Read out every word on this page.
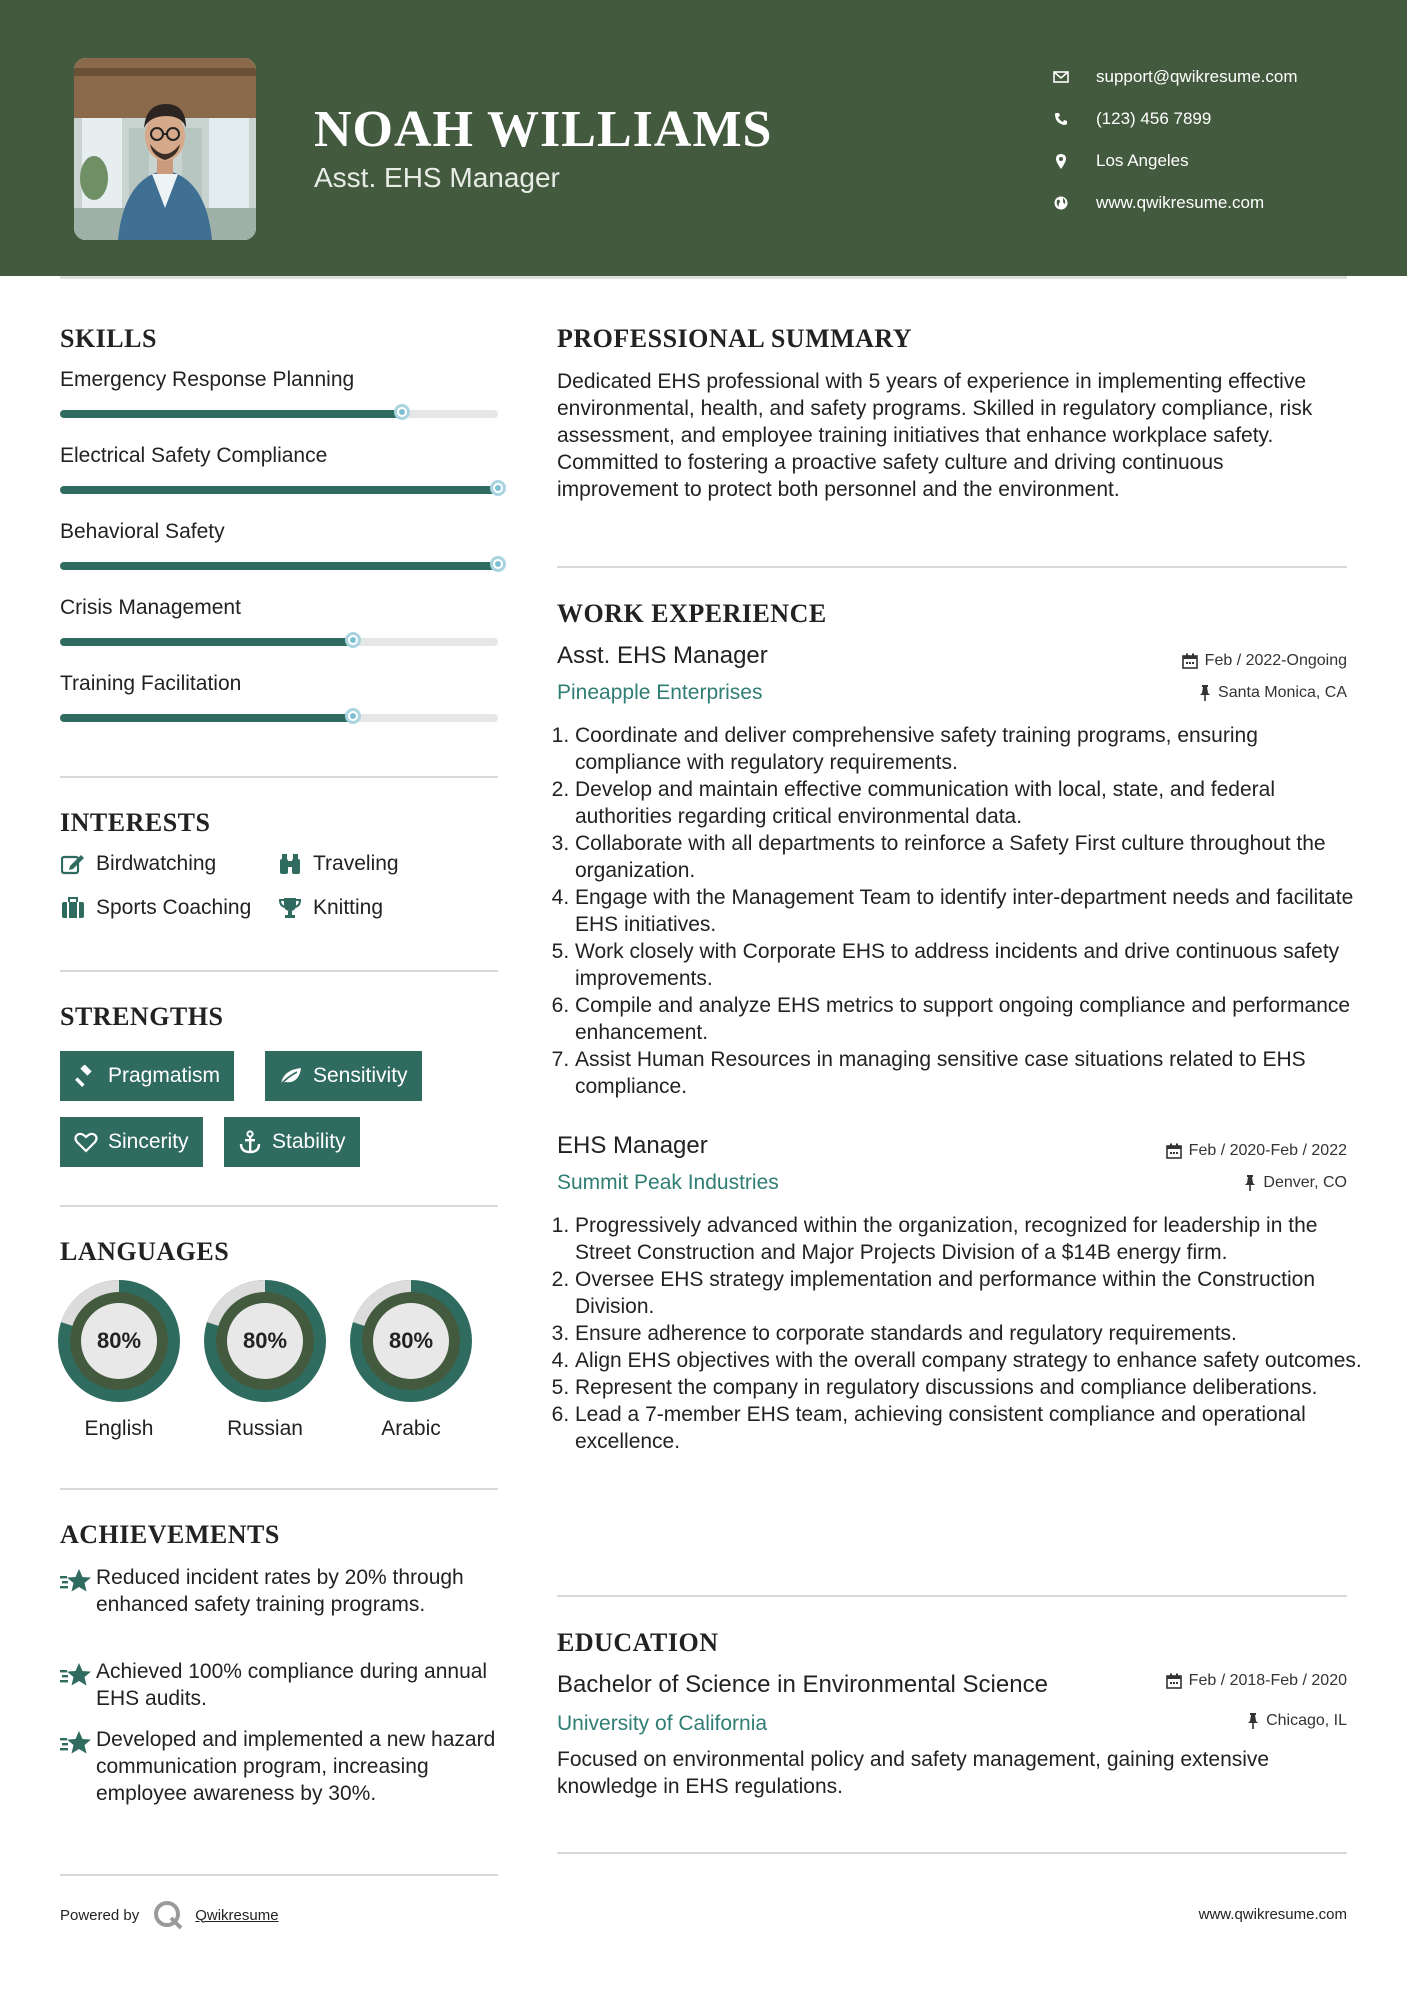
NOAH WILLIAMS
Asst. EHS Manager
support@qwikresume.com
(123) 456 7899
Los Angeles
www.qwikresume.com
SKILLS
Emergency Response Planning
Electrical Safety Compliance
Behavioral Safety
Crisis Management
Training Facilitation
INTERESTS
Birdwatching	Traveling
Sports Coaching	Knitting
STRENGTHS
Pragmatism	Sensitivity
Sincerity	Stability
LANGUAGES
80%
English
80%
Russian
80%
Arabic
ACHIEVEMENTS
Reduced incident rates by 20% through enhanced safety training programs.
Achieved 100% compliance during annual EHS audits.
Developed and implemented a new hazard communication program, increasing employee awareness by 30%.
PROFESSIONAL SUMMARY
Dedicated EHS professional with 5 years of experience in implementing effective environmental, health, and safety programs. Skilled in regulatory compliance, risk assessment, and employee training initiatives that enhance workplace safety. Committed to fostering a proactive safety culture and driving continuous improvement to protect both personnel and the environment.
WORK EXPERIENCE
Asst. EHS Manager	Feb / 2022-Ongoing
Pineapple Enterprises	Santa Monica, CA
1. Coordinate and deliver comprehensive safety training programs, ensuring compliance with regulatory requirements.
2. Develop and maintain effective communication with local, state, and federal authorities regarding critical environmental data.
3. Collaborate with all departments to reinforce a Safety First culture throughout the organization.
4. Engage with the Management Team to identify inter-department needs and facilitate EHS initiatives.
5. Work closely with Corporate EHS to address incidents and drive continuous safety improvements.
6. Compile and analyze EHS metrics to support ongoing compliance and performance enhancement.
7. Assist Human Resources in managing sensitive case situations related to EHS compliance.
EHS Manager	Feb / 2020-Feb / 2022
Summit Peak Industries	Denver, CO
1. Progressively advanced within the organization, recognized for leadership in the Street Construction and Major Projects Division of a $14B energy firm.
2. Oversee EHS strategy implementation and performance within the Construction Division.
3. Ensure adherence to corporate standards and regulatory requirements.
4. Align EHS objectives with the overall company strategy to enhance safety outcomes.
5. Represent the company in regulatory discussions and compliance deliberations.
6. Lead a 7-member EHS team, achieving consistent compliance and operational excellence.
EDUCATION
Bachelor of Science in Environmental Science	Feb / 2018-Feb / 2020
University of California	Chicago, IL
Focused on environmental policy and safety management, gaining extensive knowledge in EHS regulations.
Powered by	Qwikresume	www.qwikresume.com
